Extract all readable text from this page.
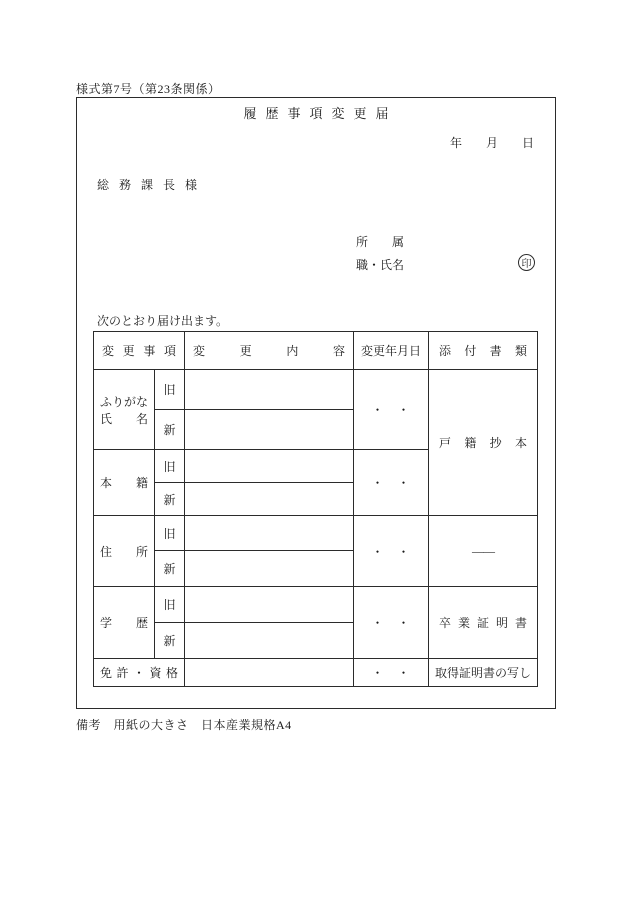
様式第7号（第23条関係）
履歴事項変更届
年　　月　　日
総務課長様
所　　属
職・氏名	印
次のとおり届け出ます。
変更事項		変更内容	変更年月日	添付書類

ふりがな
氏名	旧		・　・	戸籍抄本

	新			

本籍	旧		・　・	
	新			

住所	旧		・　・	――
	新			

学歴	旧		・　・	卒業証明書

	新			

免許・資格			・　・	取得証明書の写し
備考　用紙の大きさ　日本産業規格A4
